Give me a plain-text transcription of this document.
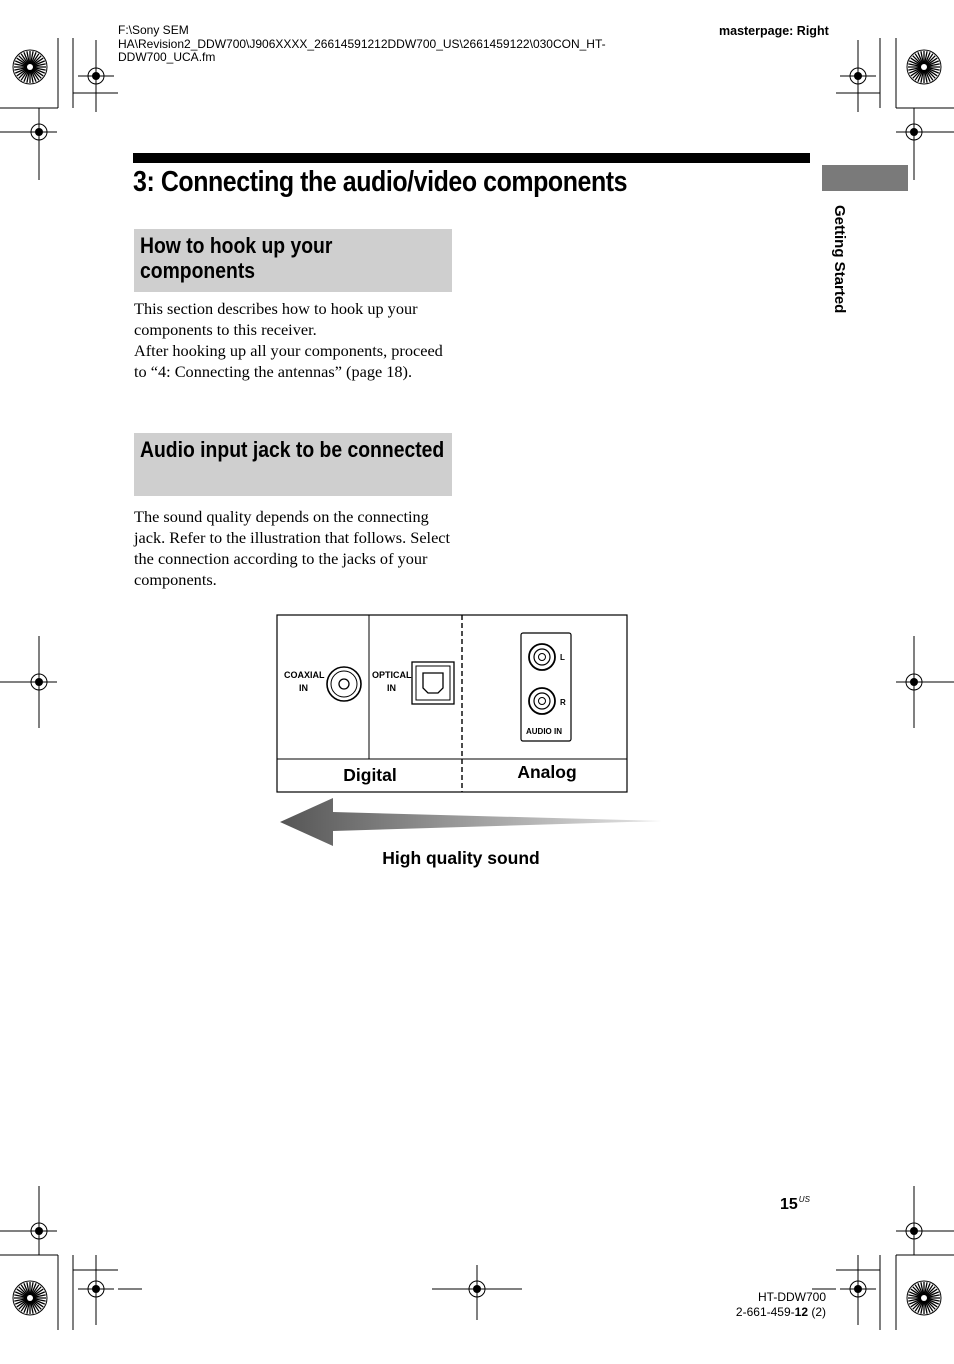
F:\Sony SEM
HA\Revision2_DDW700\J906XXXX_26614591212DDW700_US\2661459122\030CON_HT-
DDW700_UCA.fm
masterpage: Right
3: Connecting the audio/video components
Getting Started
How to hook up your components

This section describes how to hook up your components to this receiver.

After hooking up all your components, proceed to “4: Connecting the antennas” (page 18).

Audio input jack to be connected

The sound quality depends on the connecting jack. Refer to the illustration that follows. Select the connection according to the jacks of your components.

COAXIAL
IN
OPTICAL
IN
L
R
AUDIO IN
Digital	Analog
High quality sound
$15^{US}$
HT-DDW700
2-661-459-12 (2)
